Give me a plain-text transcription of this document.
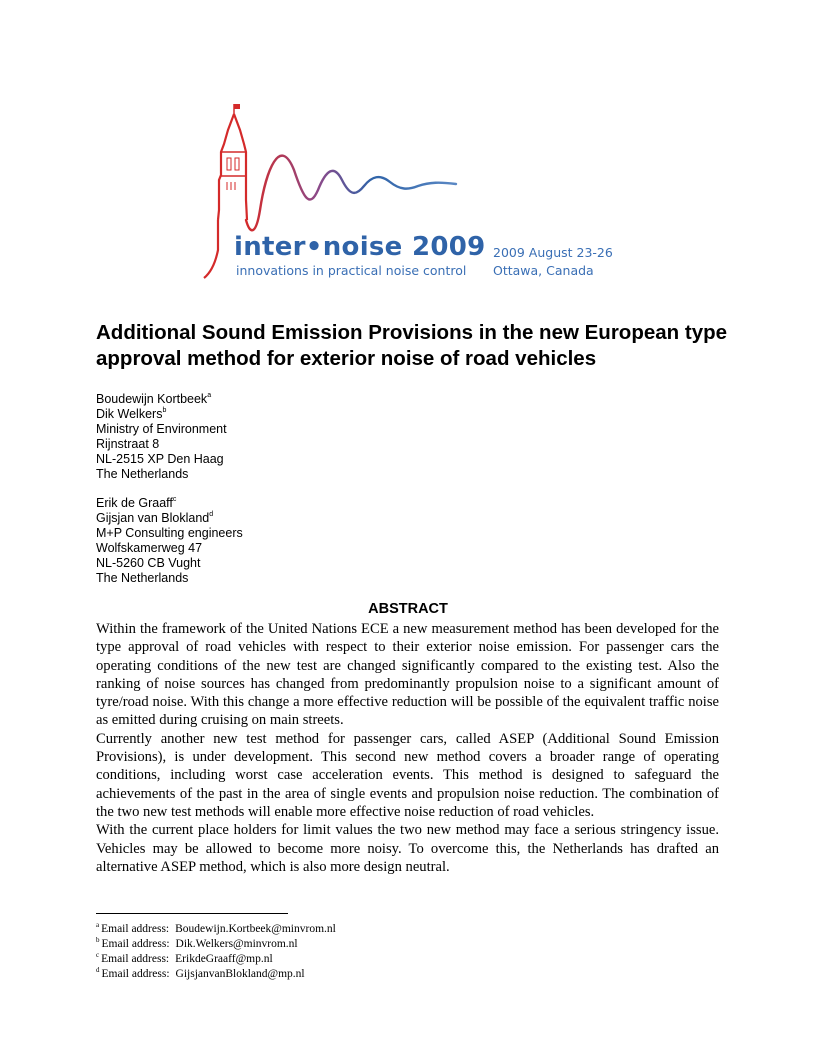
inter•noise 2009
innovations in practical noise control
2009 August 23-26
Ottawa, Canada
Additional Sound Emission Provisions in the new European type approval method for exterior noise of road vehicles
Boudewijn Kortbeek$^a$
Dik Welkers$^b$
Ministry of Environment
Rijnstraat 8
NL-2515 XP Den Haag
The Netherlands
Erik de Graaff$^c$
Gijsjan van Blokland$^d$
M+P Consulting engineers
Wolfskamerweg 47
NL-5260 CB Vught
The Netherlands
ABSTRACT

Within the framework of the United Nations ECE a new measurement method has been developed for the type approval of road vehicles with respect to their exterior noise emission. For passenger cars the operating conditions of the new test are changed significantly compared to the existing test. Also the ranking of noise sources has changed from predominantly propulsion noise to a significant amount of tyre/road noise. With this change a more effective reduction will be possible of the equivalent traffic noise as emitted during cruising on main streets.

Currently another new test method for passenger cars, called ASEP (Additional Sound Emission Provisions), is under development. This second new method covers a broader range of operating conditions, including worst case acceleration events. This method is designed to safeguard the achievements of the past in the area of single events and propulsion noise reduction. The combination of the two new test methods will enable more effective noise reduction of road vehicles.

With the current place holders for limit values the two new method may face a serious stringency issue. Vehicles may be allowed to become more noisy. To overcome this, the Netherlands has drafted an alternative ASEP method, which is also more design neutral.

$^a$ Email address: Boudewijn.Kortbeek@minvrom.nl
$^b$ Email address: Dik.Welkers@minvrom.nl
$^c$ Email address: ErikdeGraaff@mp.nl
$^d$ Email address: GijsjanvanBlokland@mp.nl
